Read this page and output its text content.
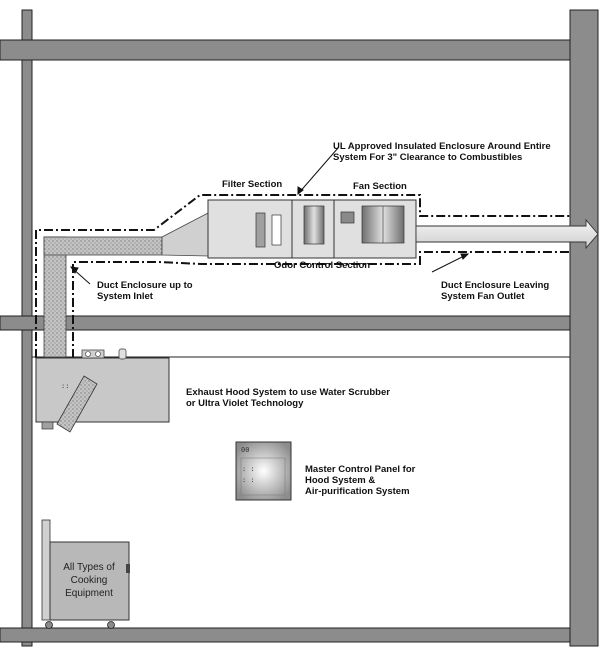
::
00
: :
: :
All Types of
Cooking
Equipment
UL Approved Insulated Enclosure Around Entire
System For 3" Clearance to Combustibles
Filter Section	Fan Section
Odor Control Section
Duct Enclosure up to
System Inlet
Duct Enclosure Leaving
System Fan Outlet
Exhaust Hood System to use Water Scrubber
or Ultra Violet Technology
Master Control Panel for
Hood System &
Air-purification System
